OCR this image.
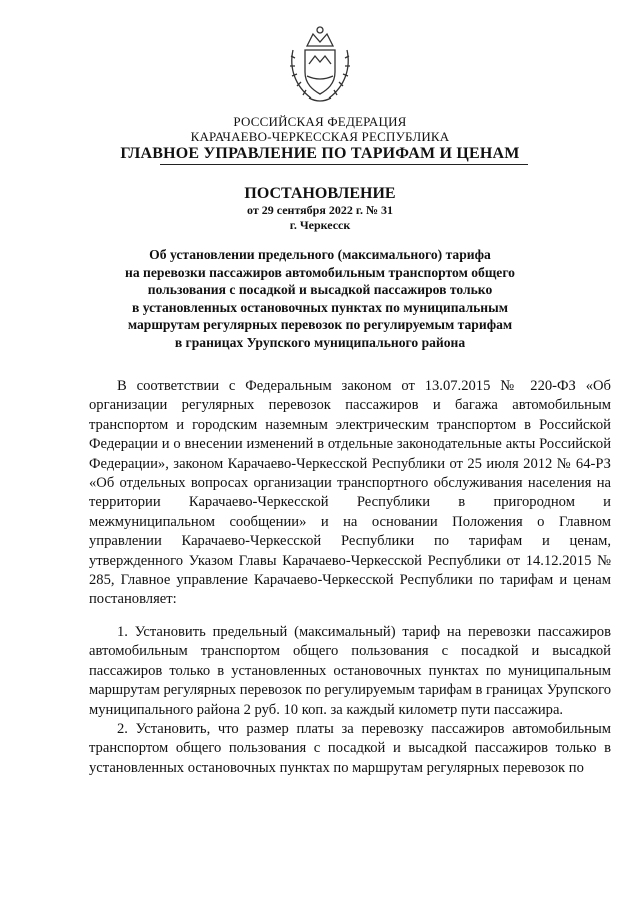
РОССИЙСКАЯ ФЕДЕРАЦИЯ
КАРАЧАЕВО-ЧЕРКЕССКАЯ РЕСПУБЛИКА
ГЛАВНОЕ УПРАВЛЕНИЕ ПО ТАРИФАМ И ЦЕНАМ
ПОСТАНОВЛЕНИЕ
от 29 сентября 2022 г. № 31
г. Черкесск
Об установлении предельного (максимального) тарифа
на перевозки пассажиров автомобильным транспортом общего
пользования с посадкой и высадкой пассажиров только
в установленных остановочных пунктах по муниципальным
маршрутам регулярных перевозок по регулируемым тарифам
в границах Урупского муниципального района

В соответствии с Федеральным законом от 13.07.2015 № 220-ФЗ «Об организации регулярных перевозок пассажиров и багажа автомобильным транспортом и городским наземным электрическим транспортом в Российской Федерации и о внесении изменений в отдельные законодательные акты Российской Федерации», законом Карачаево-Черкесской Республики от 25 июля 2012 № 64-РЗ «Об отдельных вопросах организации транспортного обслуживания населения на территории Карачаево-Черкесской Республики в пригородном и межмуниципальном сообщении» и на основании Положения о Главном управлении Карачаево-Черкесской Республики по тарифам и ценам, утвержденного Указом Главы Карачаево-Черкесской Республики от 14.12.2015 № 285, Главное управление Карачаево-Черкесской Республики по тарифам и ценам постановляет:

1. Установить предельный (максимальный) тариф на перевозки пассажиров автомобильным транспортом общего пользования с посадкой и высадкой пассажиров только в установленных остановочных пунктах по муниципальным маршрутам регулярных перевозок по регулируемым тарифам в границах Урупского муниципального района 2 руб. 10 коп. за каждый километр пути пассажира.

2. Установить, что размер платы за перевозку пассажиров автомобильным транспортом общего пользования с посадкой и высадкой пассажиров только в установленных остановочных пунктах по маршрутам регулярных перевозок по
